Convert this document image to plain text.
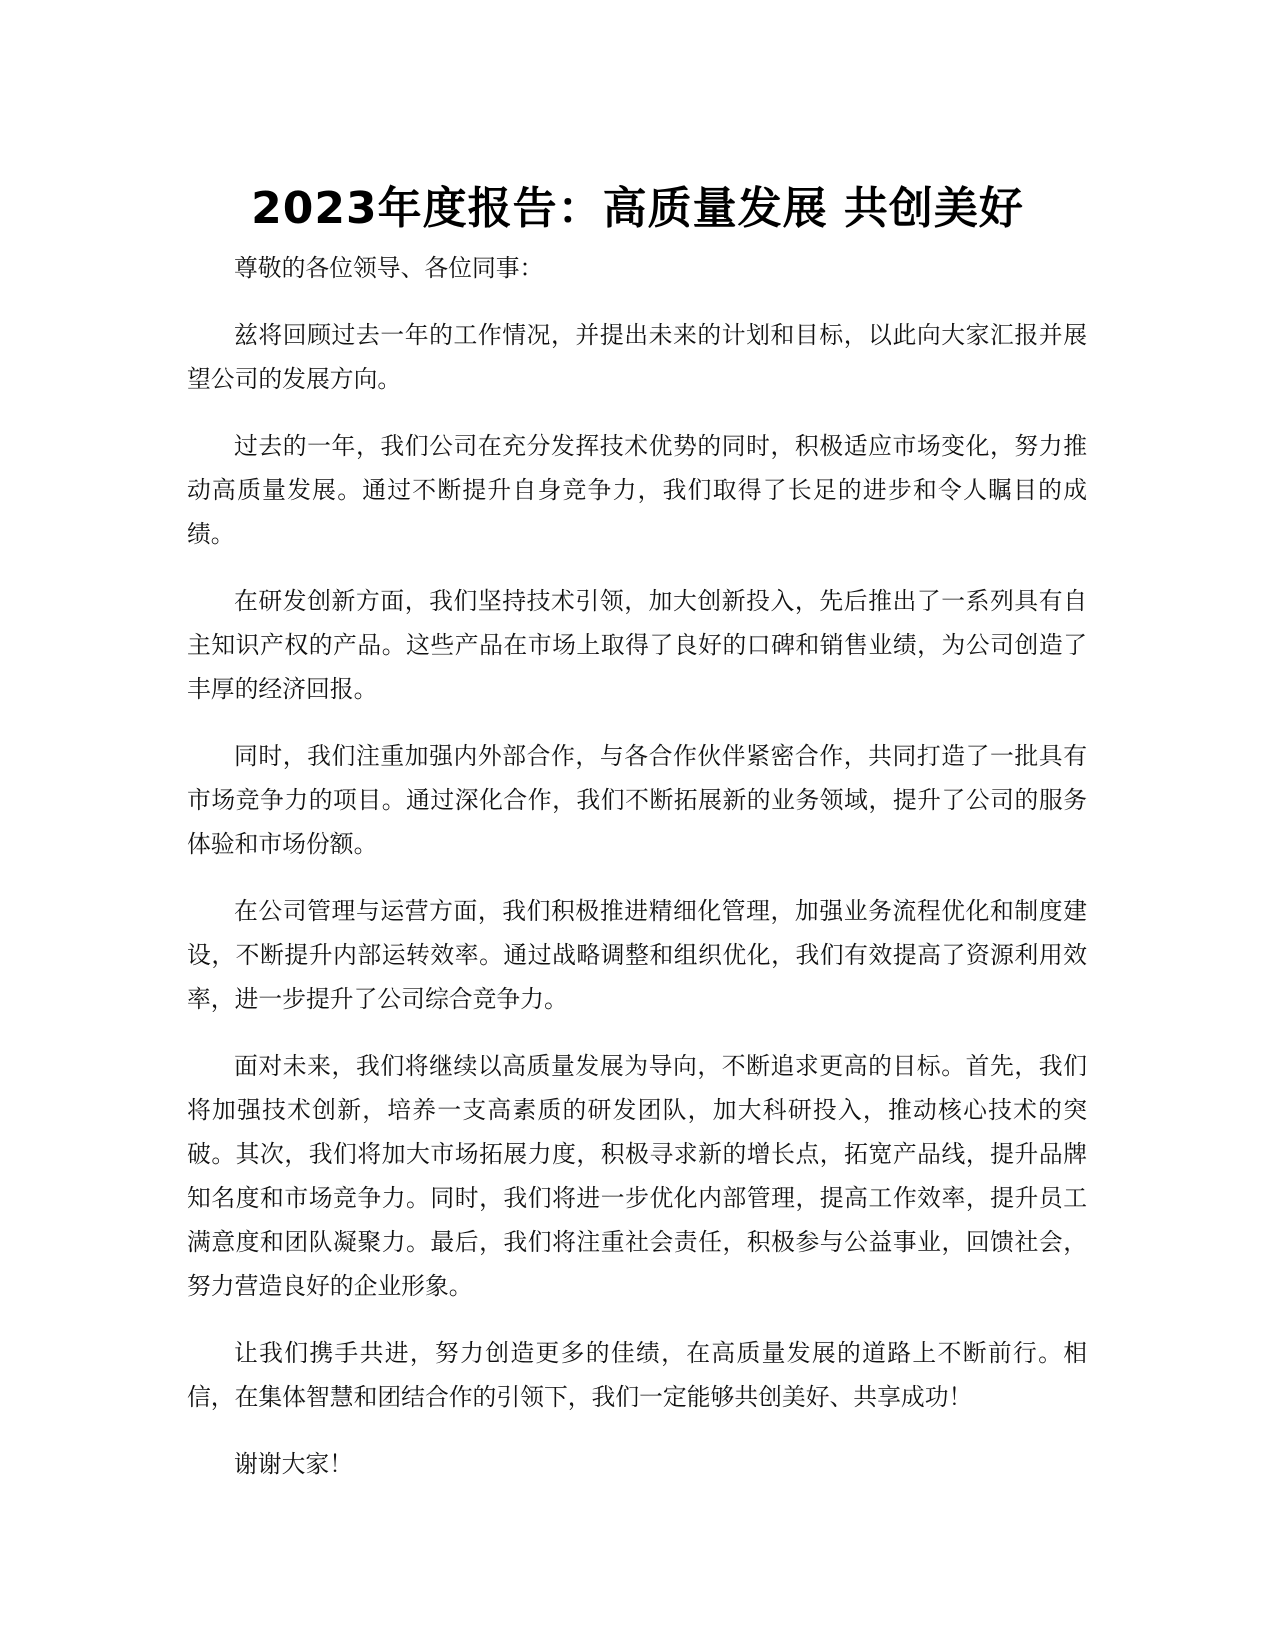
2023年度报告：高质量发展 共创美好

尊敬的各位领导、各位同事：

兹将回顾过去一年的工作情况，并提出未来的计划和目标，以此向大家汇报并展望公司的发展方向。

过去的一年，我们公司在充分发挥技术优势的同时，积极适应市场变化，努力推动高质量发展。通过不断提升自身竞争力，我们取得了长足的进步和令人瞩目的成绩。

在研发创新方面，我们坚持技术引领，加大创新投入，先后推出了一系列具有自主知识产权的产品。这些产品在市场上取得了良好的口碑和销售业绩，为公司创造了丰厚的经济回报。

同时，我们注重加强内外部合作，与各合作伙伴紧密合作，共同打造了一批具有市场竞争力的项目。通过深化合作，我们不断拓展新的业务领域，提升了公司的服务体验和市场份额。

在公司管理与运营方面，我们积极推进精细化管理，加强业务流程优化和制度建设，不断提升内部运转效率。通过战略调整和组织优化，我们有效提高了资源利用效率，进一步提升了公司综合竞争力。

面对未来，我们将继续以高质量发展为导向，不断追求更高的目标。首先，我们将加强技术创新，培养一支高素质的研发团队，加大科研投入，推动核心技术的突破。其次，我们将加大市场拓展力度，积极寻求新的增长点，拓宽产品线，提升品牌知名度和市场竞争力。同时，我们将进一步优化内部管理，提高工作效率，提升员工满意度和团队凝聚力。最后，我们将注重社会责任，积极参与公益事业，回馈社会，努力营造良好的企业形象。

让我们携手共进，努力创造更多的佳绩，在高质量发展的道路上不断前行。相信，在集体智慧和团结合作的引领下，我们一定能够共创美好、共享成功！

谢谢大家！
